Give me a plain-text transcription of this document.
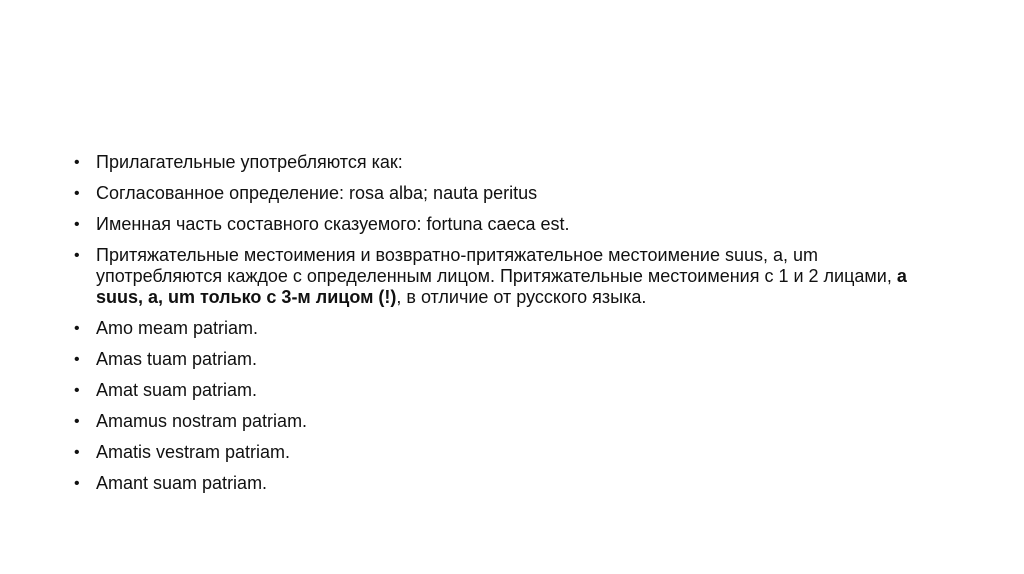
• Прилагательные употребляются как:
• Согласованное определение: rosa alba; nauta peritus
• Именная часть составного сказуемого: fortuna caeca est.
• Притяжательные местоимения и возвратно-притяжательное местоимение suus, a, um употребляются каждое с определенным лицом. Притяжательные местоимения с 1 и 2 лицами, а suus, a, um только с 3-м лицом (!), в отличие от русского языка.
• Amo meam patriam.
• Amas tuam patriam.
• Amat suam patriam.
• Amamus nostram patriam.
• Amatis vestram patriam.
• Amant suam patriam.
